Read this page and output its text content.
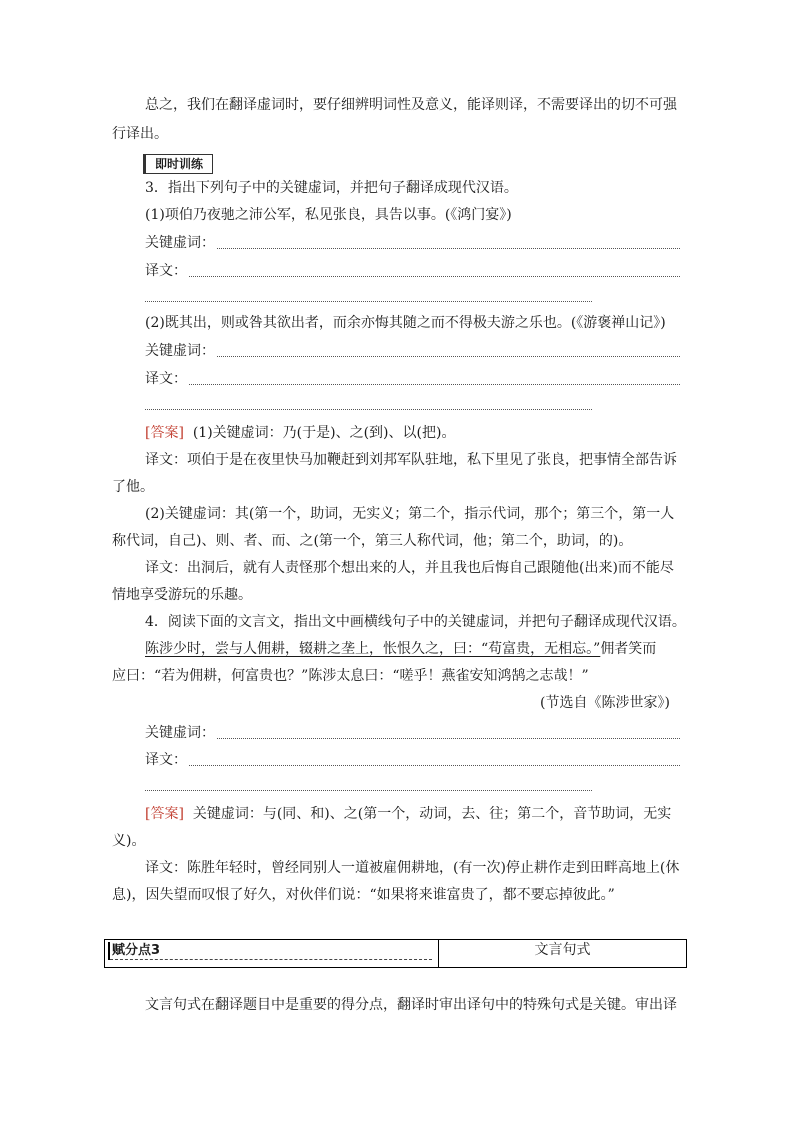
总之，我们在翻译虚词时，要仔细辨明词性及意义，能译则译，不需要译出的切不可强
行译出。
即时训练
3．指出下列句子中的关键虚词，并把句子翻译成现代汉语。
(1)项伯乃夜驰之沛公军，私见张良，具告以事。(《鸿门宴》)
关键虚词：
译文：
(2)既其出，则或咎其欲出者，而余亦悔其随之而不得极夫游之乐也。(《游褒禅山记》)
关键虚词：
译文：
[答案] (1)关键虚词：乃(于是)、之(到)、以(把)。
译文：项伯于是在夜里快马加鞭赶到刘邦军队驻地，私下里见了张良，把事情全部告诉
了他。
(2)关键虚词：其(第一个，助词，无实义；第二个，指示代词，那个；第三个，第一人
称代词，自己)、则、者、而、之(第一个，第三人称代词，他；第二个，助词，的)。
译文：出洞后，就有人责怪那个想出来的人，并且我也后悔自己跟随他(出来)而不能尽
情地享受游玩的乐趣。
4．阅读下面的文言文，指出文中画横线句子中的关键虚词，并把句子翻译成现代汉语。
陈涉少时，尝与人佣耕，辍耕之垄上，怅恨久之，曰：“苟富贵，无相忘。”佣者笑而
应曰：“若为佣耕，何富贵也？”陈涉太息曰：“嗟乎！燕雀安知鸿鹄之志哉！”
(节选自《陈涉世家》)
关键虚词：
译文：
[答案] 关键虚词：与(同、和)、之(第一个，动词，去、往；第二个，音节助词，无实
义)。
译文：陈胜年轻时，曾经同别人一道被雇佣耕地，(有一次)停止耕作走到田畔高地上(休
息)，因失望而叹恨了好久，对伙伴们说：“如果将来谁富贵了，都不要忘掉彼此。”
赋分点3	文言句式
文言句式在翻译题目中是重要的得分点，翻译时审出译句中的特殊句式是关键。审出译
